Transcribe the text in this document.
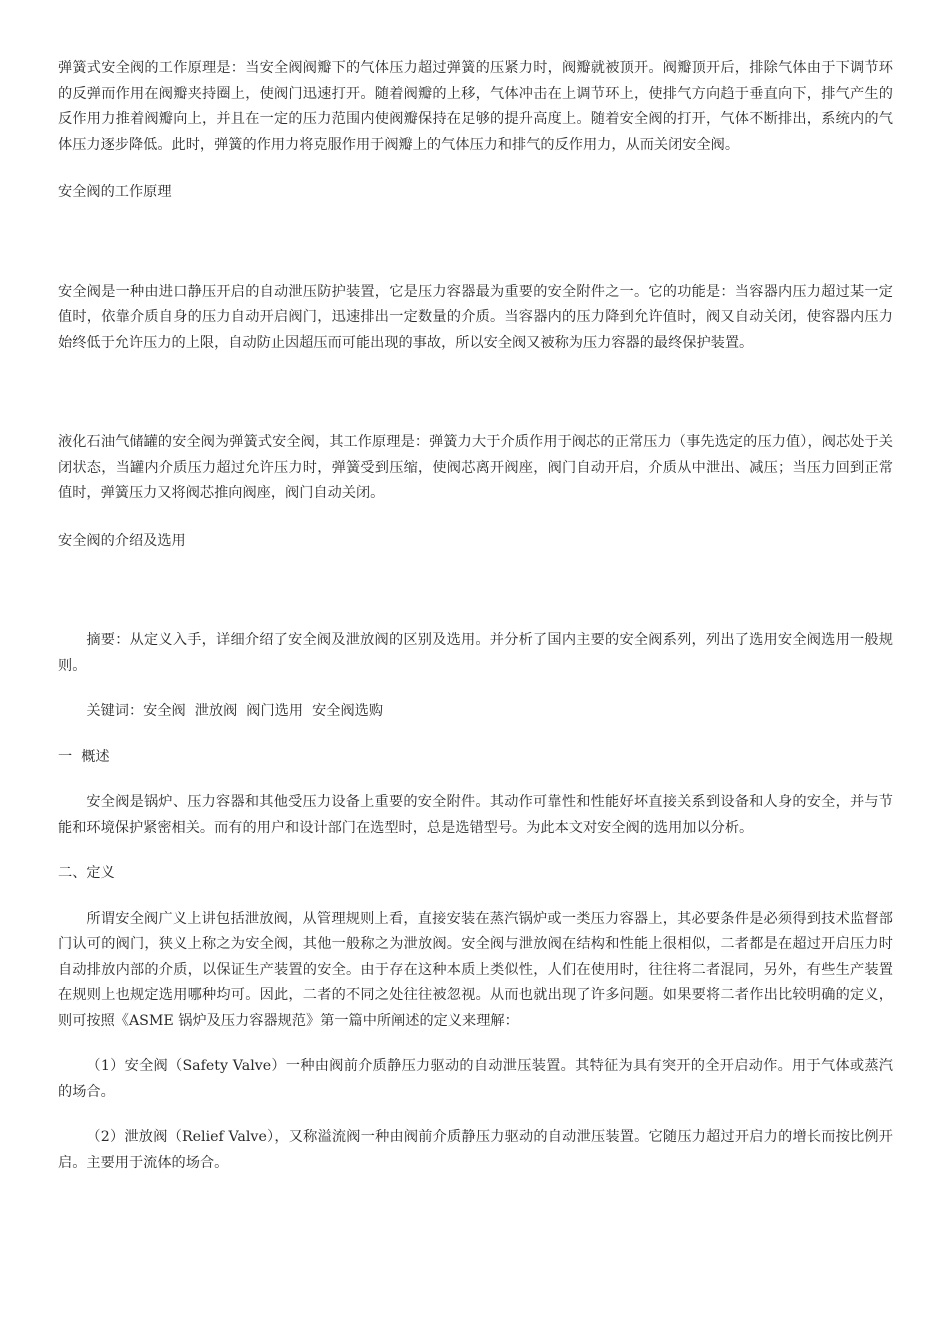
弹簧式安全阀的工作原理是：当安全阀阀瓣下的气体压力超过弹簧的压紧力时，阀瓣就被顶开。阀瓣顶开后，排除气体由于下调节环的反弹而作用在阀瓣夹持圈上，使阀门迅速打开。随着阀瓣的上移，气体冲击在上调节环上，使排气方向趋于垂直向下，排气产生的反作用力推着阀瓣向上，并且在一定的压力范围内使阀瓣保持在足够的提升高度上。随着安全阀的打开，气体不断排出，系统内的气体压力逐步降低。此时，弹簧的作用力将克服作用于阀瓣上的气体压力和排气的反作用力，从而关闭安全阀。

安全阀的工作原理

安全阀是一种由进口静压开启的自动泄压防护装置，它是压力容器最为重要的安全附件之一。它的功能是：当容器内压力超过某一定值时，依靠介质自身的压力自动开启阀门，迅速排出一定数量的介质。当容器内的压力降到允许值时，阀又自动关闭，使容器内压力始终低于允许压力的上限，自动防止因超压而可能出现的事故，所以安全阀又被称为压力容器的最终保护装置。

液化石油气储罐的安全阀为弹簧式安全阀，其工作原理是：弹簧力大于介质作用于阀芯的正常压力（事先选定的压力值），阀芯处于关闭状态，当罐内介质压力超过允许压力时，弹簧受到压缩，使阀芯离开阀座，阀门自动开启，介质从中泄出、减压；当压力回到正常值时，弹簧压力又将阀芯推向阀座，阀门自动关闭。

安全阀的介绍及选用

摘要：从定义入手，详细介绍了安全阀及泄放阀的区别及选用。并分析了国内主要的安全阀系列，列出了选用安全阀选用一般规则。

关键词：安全阀  泄放阀  阀门选用  安全阀选购

一  概述

安全阀是锅炉、压力容器和其他受压力设备上重要的安全附件。其动作可靠性和性能好坏直接关系到设备和人身的安全，并与节能和环境保护紧密相关。而有的用户和设计部门在选型时，总是选错型号。为此本文对安全阀的选用加以分析。

二、定义

所谓安全阀广义上讲包括泄放阀，从管理规则上看，直接安装在蒸汽锅炉或一类压力容器上，其必要条件是必须得到技术监督部门认可的阀门，狭义上称之为安全阀，其他一般称之为泄放阀。安全阀与泄放阀在结构和性能上很相似，二者都是在超过开启压力时自动排放内部的介质，以保证生产装置的安全。由于存在这种本质上类似性，人们在使用时，往往将二者混同，另外，有些生产装置在规则上也规定选用哪种均可。因此，二者的不同之处往往被忽视。从而也就出现了许多问题。如果要将二者作出比较明确的定义，则可按照《ASME 锅炉及压力容器规范》第一篇中所阐述的定义来理解：

（1）安全阀（Safety Valve）一种由阀前介质静压力驱动的自动泄压装置。其特征为具有突开的全开启动作。用于气体或蒸汽的场合。

（2）泄放阀（Relief Valve），又称溢流阀一种由阀前介质静压力驱动的自动泄压装置。它随压力超过开启力的增长而按比例开启。主要用于流体的场合。
